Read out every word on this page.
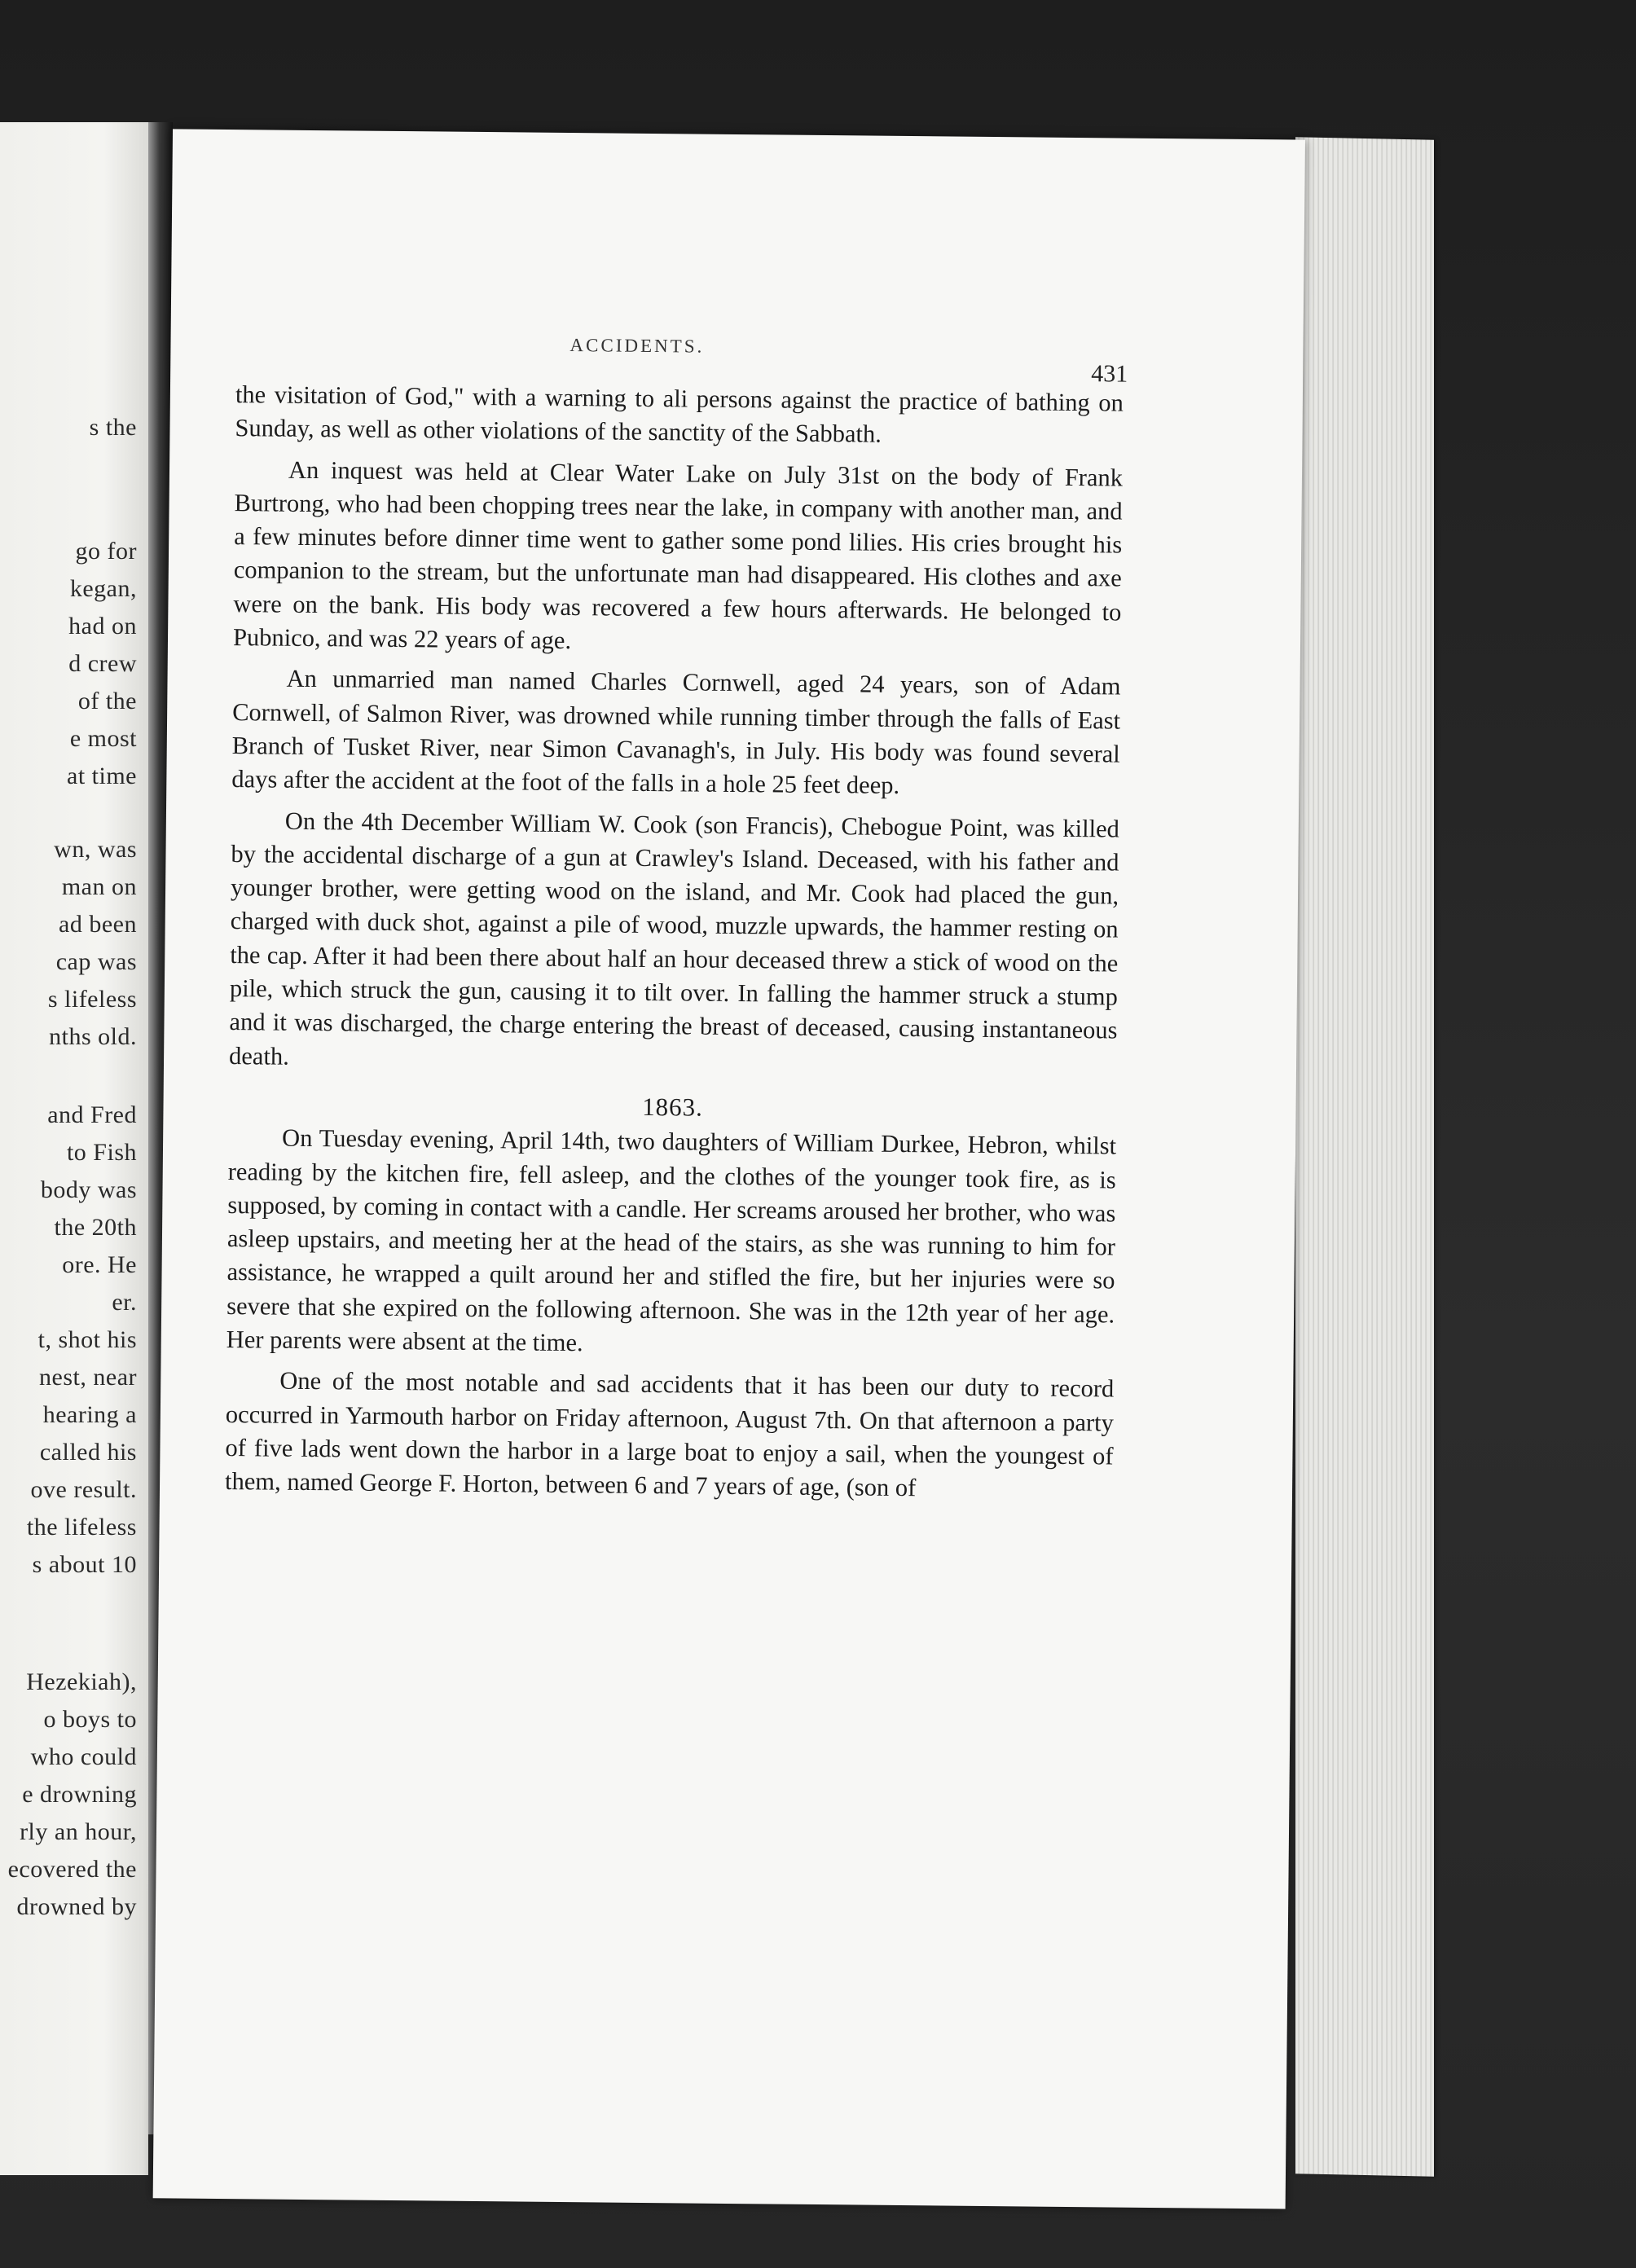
s the
go for
kegan,
had on
d crew
of the
e most
at time
wn, was
man on
ad been
cap was
s lifeless
nths old.
and Fred
to Fish
body was
the 20th
ore. He
er.
t, shot his
nest, near
hearing a
called his
ove result.
the lifeless
s about 10
Hezekiah),
o boys to
who could
e drowning
rly an hour,
ecovered the
drowned by
ACCIDENTS.
431

the visitation of God," with a warning to ali persons against the practice of bathing on Sunday, as well as other violations of the sanctity of the Sabbath.

An inquest was held at Clear Water Lake on July 31st on the body of Frank Burtrong, who had been chopping trees near the lake, in company with another man, and a few minutes before dinner time went to gather some pond lilies. His cries brought his companion to the stream, but the unfortunate man had disappeared. His clothes and axe were on the bank. His body was recovered a few hours afterwards. He belonged to Pubnico, and was 22 years of age.

An unmarried man named Charles Cornwell, aged 24 years, son of Adam Cornwell, of Salmon River, was drowned while running timber through the falls of East Branch of Tusket River, near Simon Cavanagh's, in July. His body was found several days after the accident at the foot of the falls in a hole 25 feet deep.

On the 4th December William W. Cook (son Francis), Chebogue Point, was killed by the accidental discharge of a gun at Crawley's Island. Deceased, with his father and younger brother, were getting wood on the island, and Mr. Cook had placed the gun, charged with duck shot, against a pile of wood, muzzle upwards, the hammer resting on the cap. After it had been there about half an hour deceased threw a stick of wood on the pile, which struck the gun, causing it to tilt over. In falling the hammer struck a stump and it was discharged, the charge entering the breast of deceased, causing instantaneous death.

1863.

On Tuesday evening, April 14th, two daughters of William Durkee, Hebron, whilst reading by the kitchen fire, fell asleep, and the clothes of the younger took fire, as is supposed, by coming in contact with a candle. Her screams aroused her brother, who was asleep upstairs, and meeting her at the head of the stairs, as she was running to him for assistance, he wrapped a quilt around her and stifled the fire, but her injuries were so severe that she expired on the following afternoon. She was in the 12th year of her age. Her parents were absent at the time.

One of the most notable and sad accidents that it has been our duty to record occurred in Yarmouth harbor on Friday afternoon, August 7th. On that afternoon a party of five lads went down the harbor in a large boat to enjoy a sail, when the youngest of them, named George F. Horton, between 6 and 7 years of age, (son of
